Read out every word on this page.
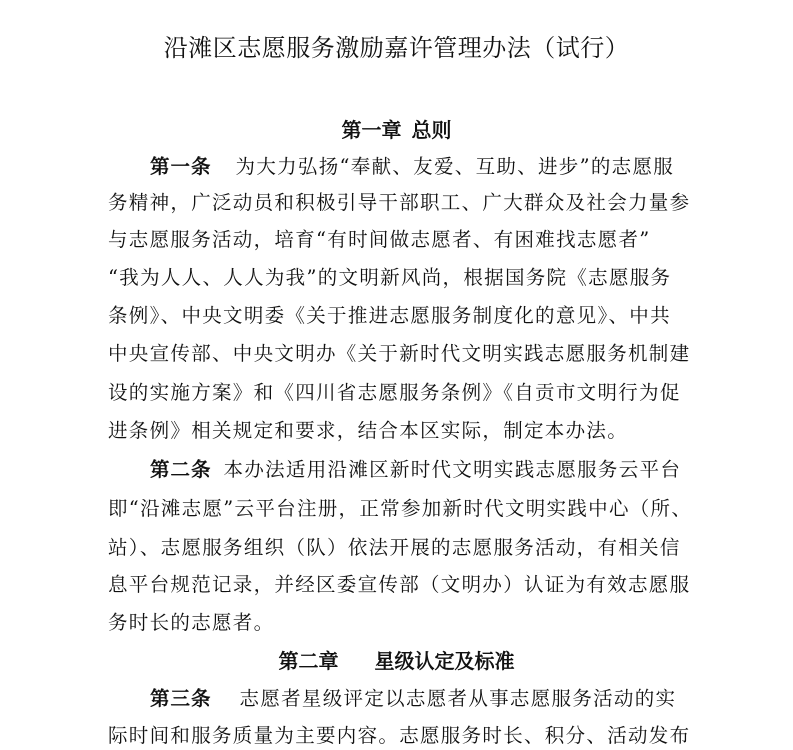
沿滩区志愿服务激励嘉许管理办法（试行）
第一章 总则
第一条 为大力弘扬“奉献、友爱、互助、进步”的志愿服
务精神，广泛动员和积极引导干部职工、广大群众及社会力量参
与志愿服务活动，培育“有时间做志愿者、有困难找志愿者”
“我为人人、人人为我”的文明新风尚，根据国务院《志愿服务
条例》、中央文明委《关于推进志愿服务制度化的意见》、中共
中央宣传部、中央文明办《关于新时代文明实践志愿服务机制建
设的实施方案》和《四川省志愿服务条例》《自贡市文明行为促
进条例》相关规定和要求，结合本区实际，制定本办法。
第二条 本办法适用沿滩区新时代文明实践志愿服务云平台
即“沿滩志愿”云平台注册，正常参加新时代文明实践中心（所、
站）、志愿服务组织（队）依法开展的志愿服务活动，有相关信
息平台规范记录，并经区委宣传部（文明办）认证为有效志愿服
务时长的志愿者。
第二章 星级认定及标准
第三条 志愿者星级评定以志愿者从事志愿服务活动的实
际时间和服务质量为主要内容。志愿服务时长、积分、活动发布
